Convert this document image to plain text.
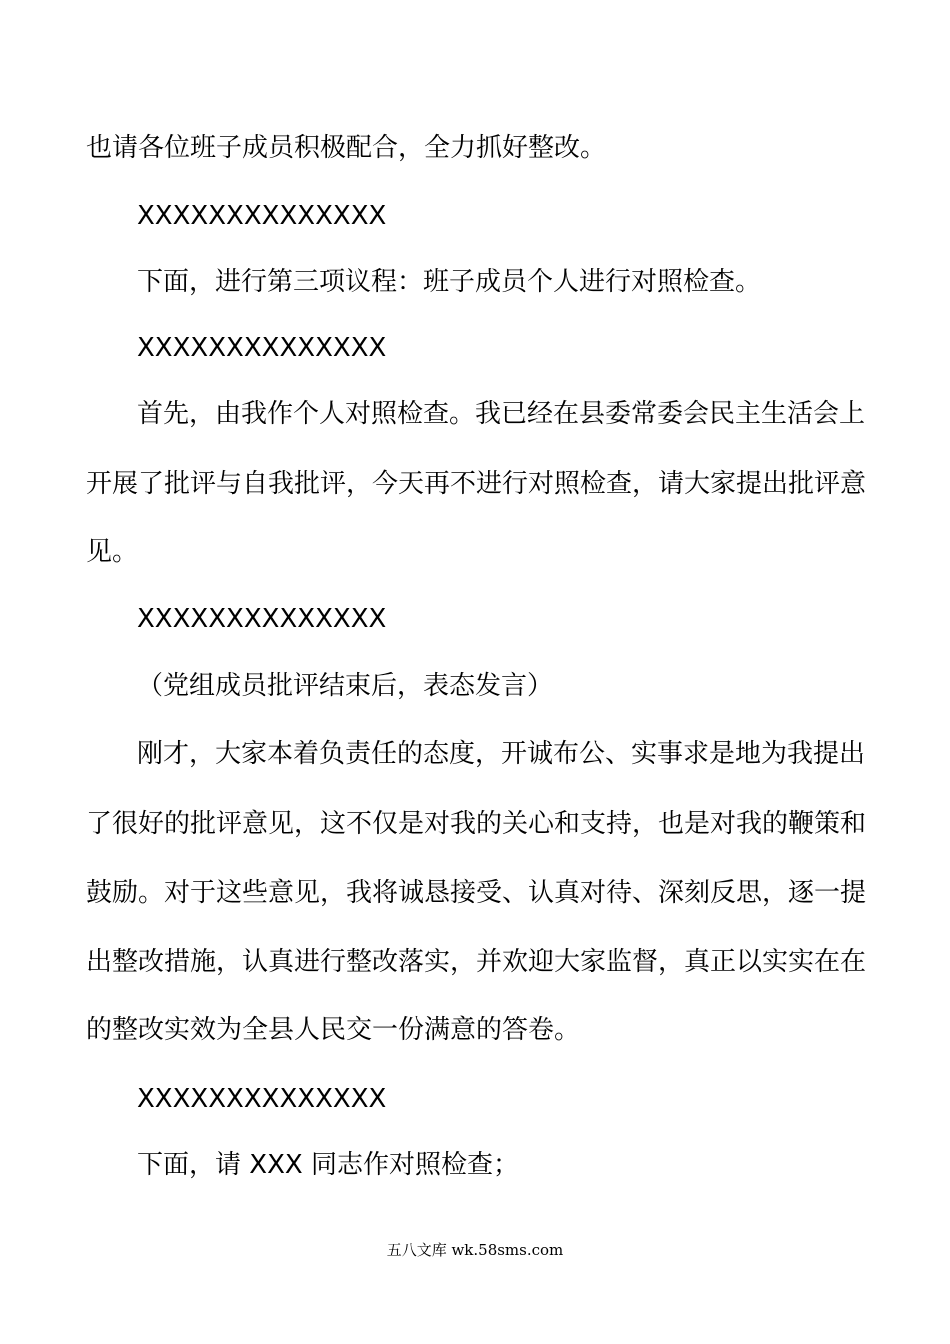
也请各位班子成员积极配合，全力抓好整改。
XXXXXXXXXXXXXX
下面，进行第三项议程：班子成员个人进行对照检查。
XXXXXXXXXXXXXX
首先，由我作个人对照检查。我已经在县委常委会民主生活会上
开展了批评与自我批评，今天再不进行对照检查，请大家提出批评意
见。
XXXXXXXXXXXXXX
（党组成员批评结束后，表态发言）
刚才，大家本着负责任的态度，开诚布公、实事求是地为我提出
了很好的批评意见，这不仅是对我的关心和支持，也是对我的鞭策和
鼓励。对于这些意见，我将诚恳接受、认真对待、深刻反思，逐一提
出整改措施，认真进行整改落实，并欢迎大家监督，真正以实实在在
的整改实效为全县人民交一份满意的答卷。
XXXXXXXXXXXXXX
下面，请 XXX 同志作对照检查；
五八文库 wk.58sms.com
